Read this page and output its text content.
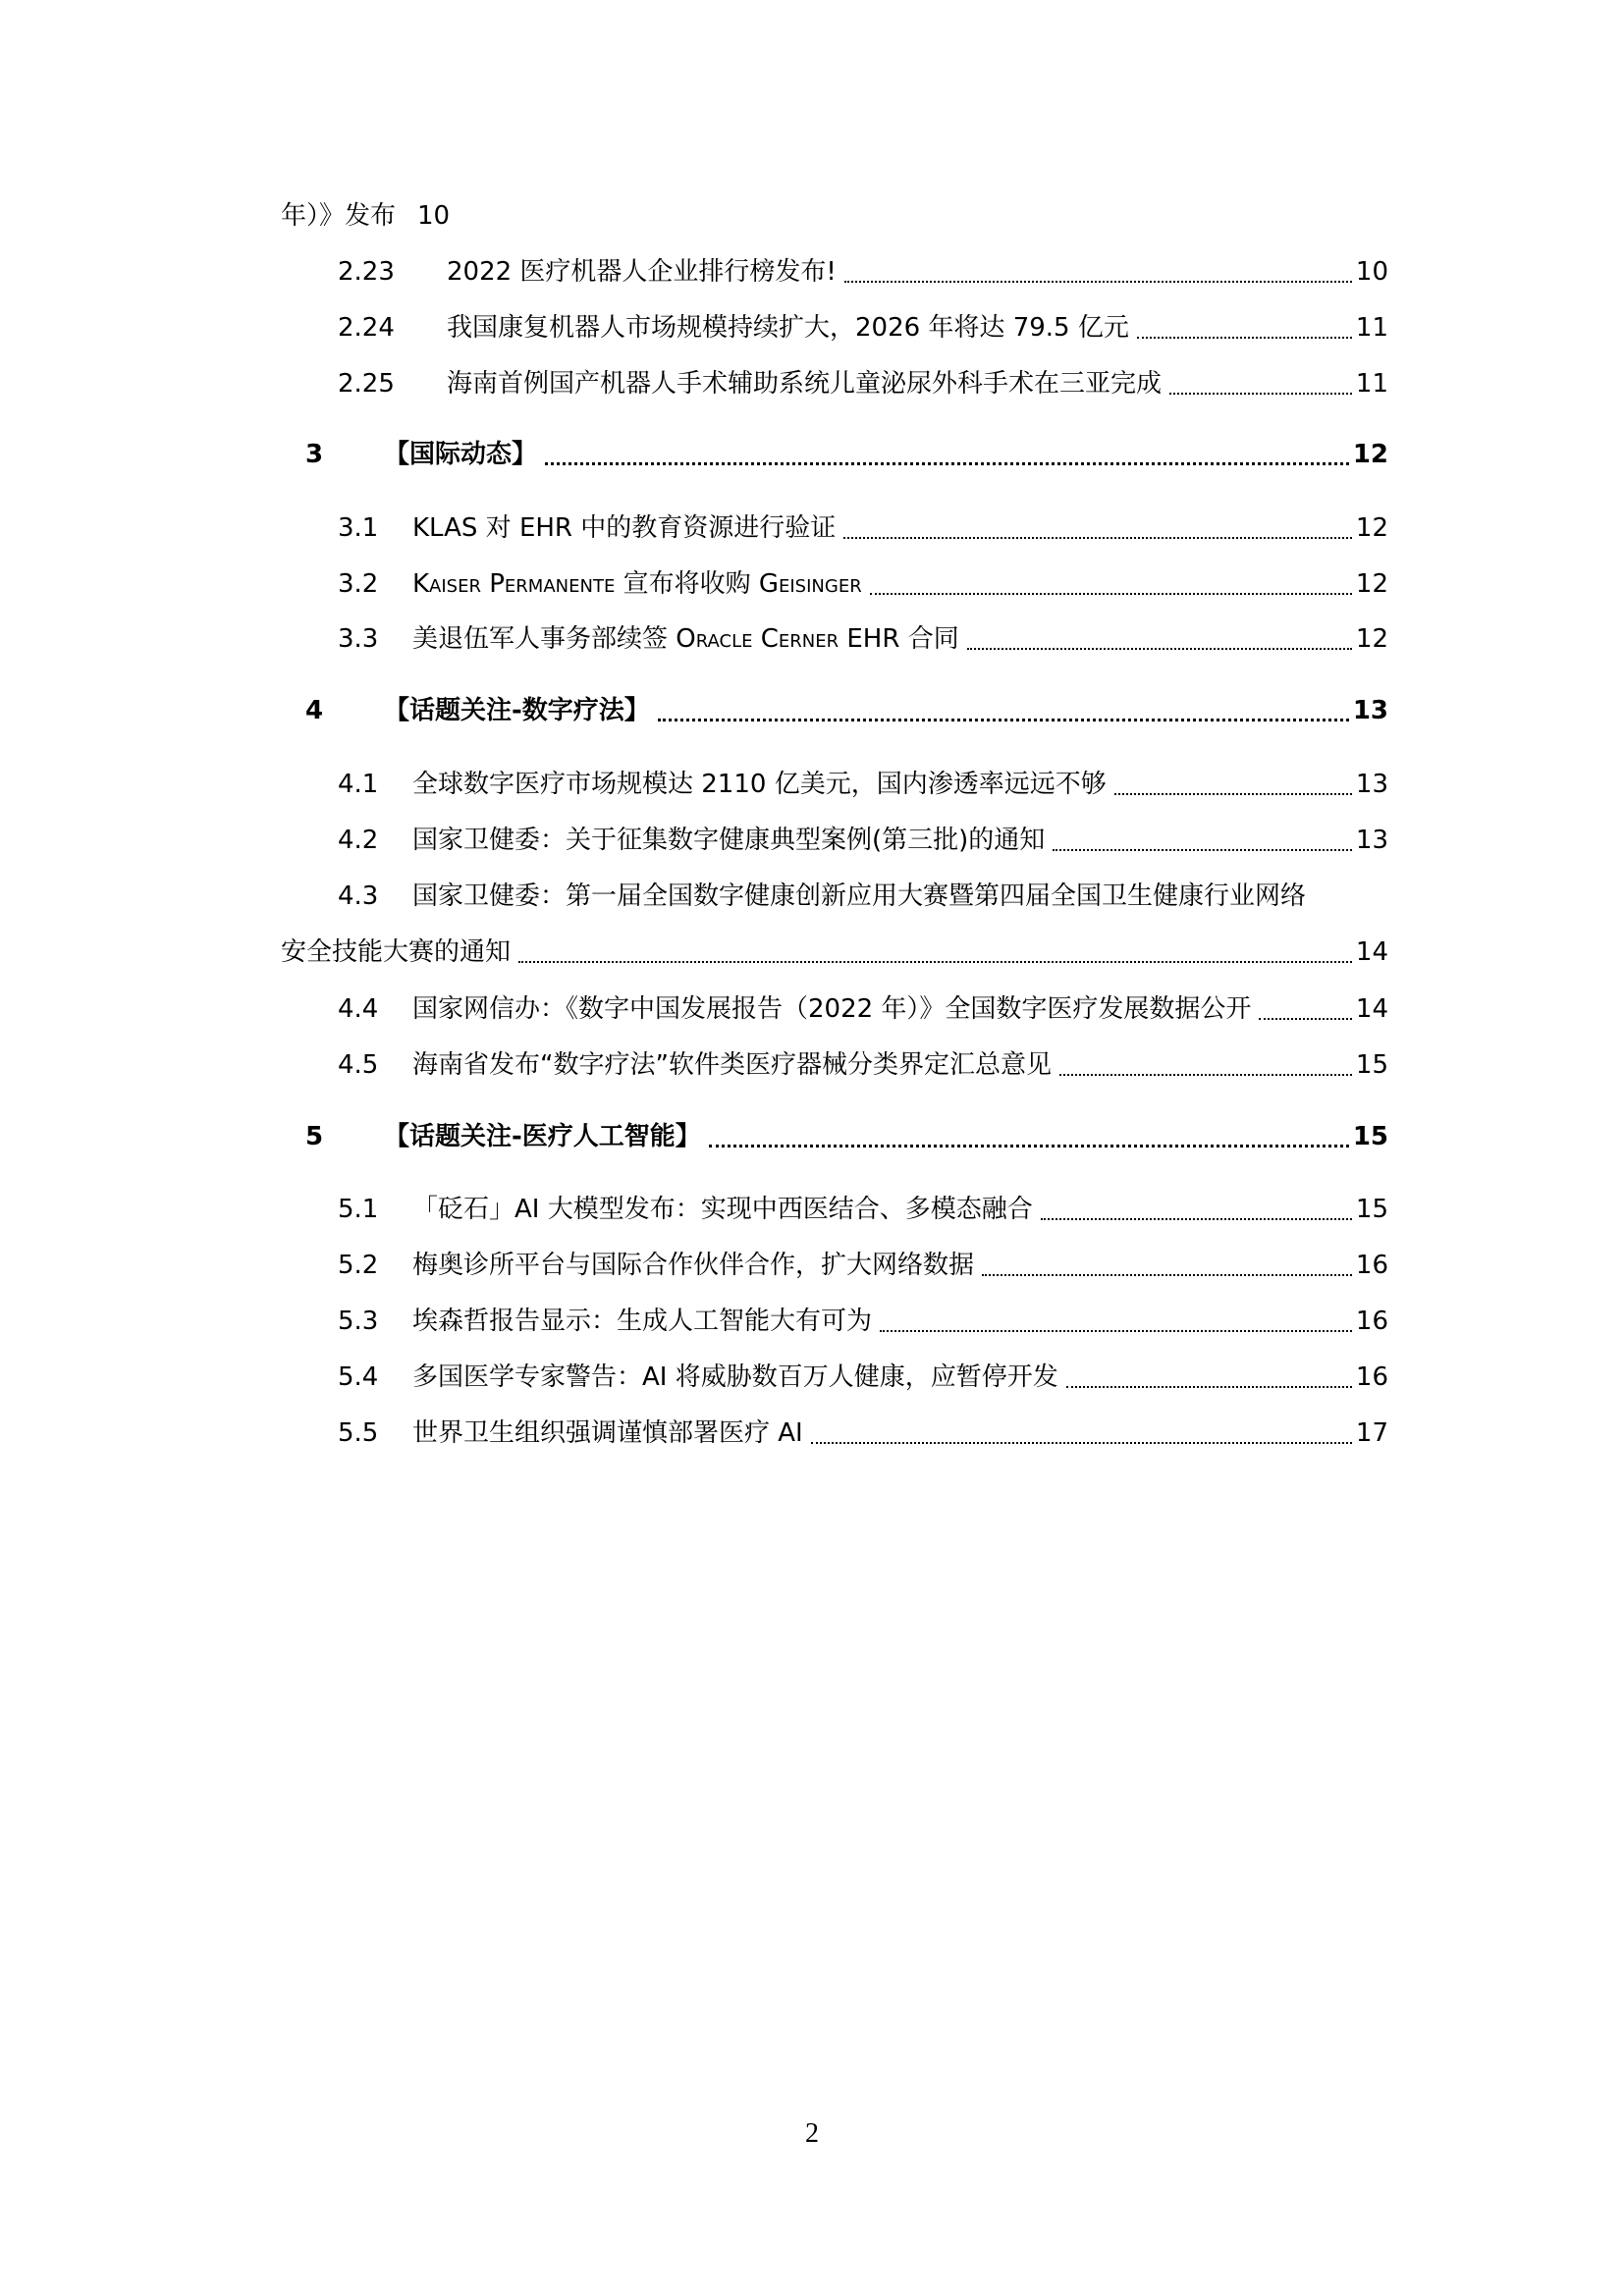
年）》发布 10
2.23	2022 医疗机器人企业排行榜发布!	10
2.24	我国康复机器人市场规模持续扩大，2026 年将达 79.5 亿元	11
2.25	海南首例国产机器人手术辅助系统儿童泌尿外科手术在三亚完成	11
3	【国际动态】	12
3.1	KLAS 对 EHR 中的教育资源进行验证	12
3.2	Kaiser Permanente 宣布将收购 Geisinger	12
3.3	美退伍军人事务部续签 Oracle Cerner EHR 合同	12
4	【话题关注-数字疗法】	13
4.1	全球数字医疗市场规模达 2110 亿美元，国内渗透率远远不够	13
4.2	国家卫健委：关于征集数字健康典型案例(第三批)的通知	13
4.3	国家卫健委：第一届全国数字健康创新应用大赛暨第四届全国卫生健康行业网络
安全技能大赛的通知	14
4.4	国家网信办：《数字中国发展报告（2022 年）》全国数字医疗发展数据公开	14
4.5	海南省发布“数字疗法”软件类医疗器械分类界定汇总意见	15
5	【话题关注-医疗人工智能】	15
5.1	「砭石」AI 大模型发布：实现中西医结合、多模态融合	15
5.2	梅奥诊所平台与国际合作伙伴合作，扩大网络数据	16
5.3	埃森哲报告显示：生成人工智能大有可为	16
5.4	多国医学专家警告：AI 将威胁数百万人健康，应暂停开发	16
5.5	世界卫生组织强调谨慎部署医疗 AI	17
2
